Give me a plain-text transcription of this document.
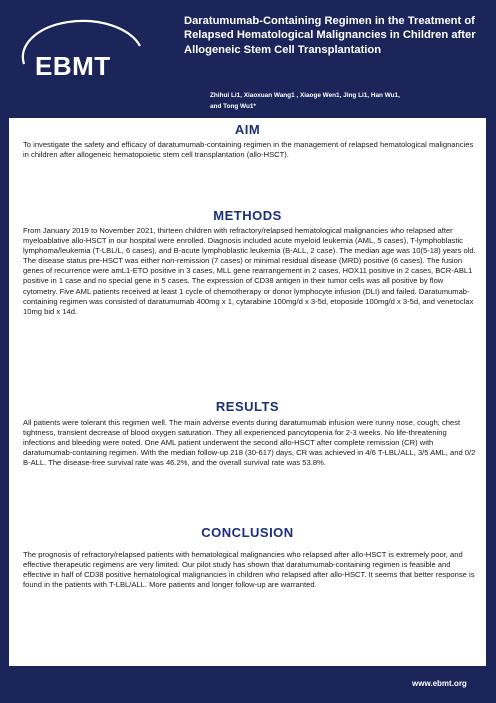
EBMT
Daratumumab-Containing Regimen in the Treatment of Relapsed Hematological Malignancies in Children after Allogeneic Stem Cell Transplantation
Zhihui Li1, Xiaoxuan Wang1 , Xiaoge Wen1, Jing Li1, Han Wu1,
and Tong Wu1*
AIM

To investigate the safety and efficacy of daratumumab-containing regimen in the management of relapsed hematological malignancies in children after allogeneic hematopoietic stem cell transplantation (allo-HSCT).

METHODS

From January 2019 to November 2021, thirteen children with refractory/relapsed hematological malignancies who relapsed after myeloablative allo-HSCT in our hospital were enrolled. Diagnosis included acute myeloid leukemia (AML, 5 cases), T-lymphoblastic lymphoma/leukemia (T-LBL/L, 6 cases), and B-acute lymphoblastic leukemia (B-ALL, 2 case). The median age was 10(5-18) years old. The disease status pre-HSCT was either non-remission (7 cases) or minimal residual disease (MRD) positive (6 cases). The fusion genes of recurrence were amL1-ETO positive in 3 cases, MLL gene rearrangement in 2 cases, HOX11 positive in 2 cases, BCR-ABL1 positive in 1 case and no special gene in 5 cases. The expression of CD38 antigen in their tumor cells was all positive by flow cytometry. Five AML patients received at least 1 cycle of chemotherapy or donor lymphocyte infusion (DLI) and failed. Daratumumab-containing regimen was consisted of daratumumab 400mg x 1, cytarabine 100mg/d x 3-5d, etoposide 100mg/d x 3-5d, and venetoclax 10mg bid x 14d.

RESULTS

All patients were tolerant this regimen well. The main adverse events during daratumumab infusion were runny nose, cough, chest tightness, transient decrease of blood oxygen saturation. They all experienced pancytopenia for 2-3 weeks. No life-threatening infections and bleeding were noted. One AML patient underwent the second allo-HSCT after complete remission (CR) with daratumumab-containing regimen. With the median follow-up 218 (30-617) days, CR was achieved in 4/6 T-LBL/ALL, 3/5 AML, and 0/2 B-ALL. The disease-free survival rate was 46.2%, and the overall survival rate was 53.8%.

CONCLUSION

The prognosis of refractory/relapsed patients with hematological malignancies who relapsed after allo-HSCT is extremely poor, and effective therapeutic regimens are very limited. Our pilot study has shown that daratumumab-containing regimen is feasible and effective in half of CD38 positive hematological malignancies in children who relapsed after allo-HSCT. It seems that better response is found in the patients with T-LBL/ALL. More patients and longer follow-up are warranted.

www.ebmt.org
